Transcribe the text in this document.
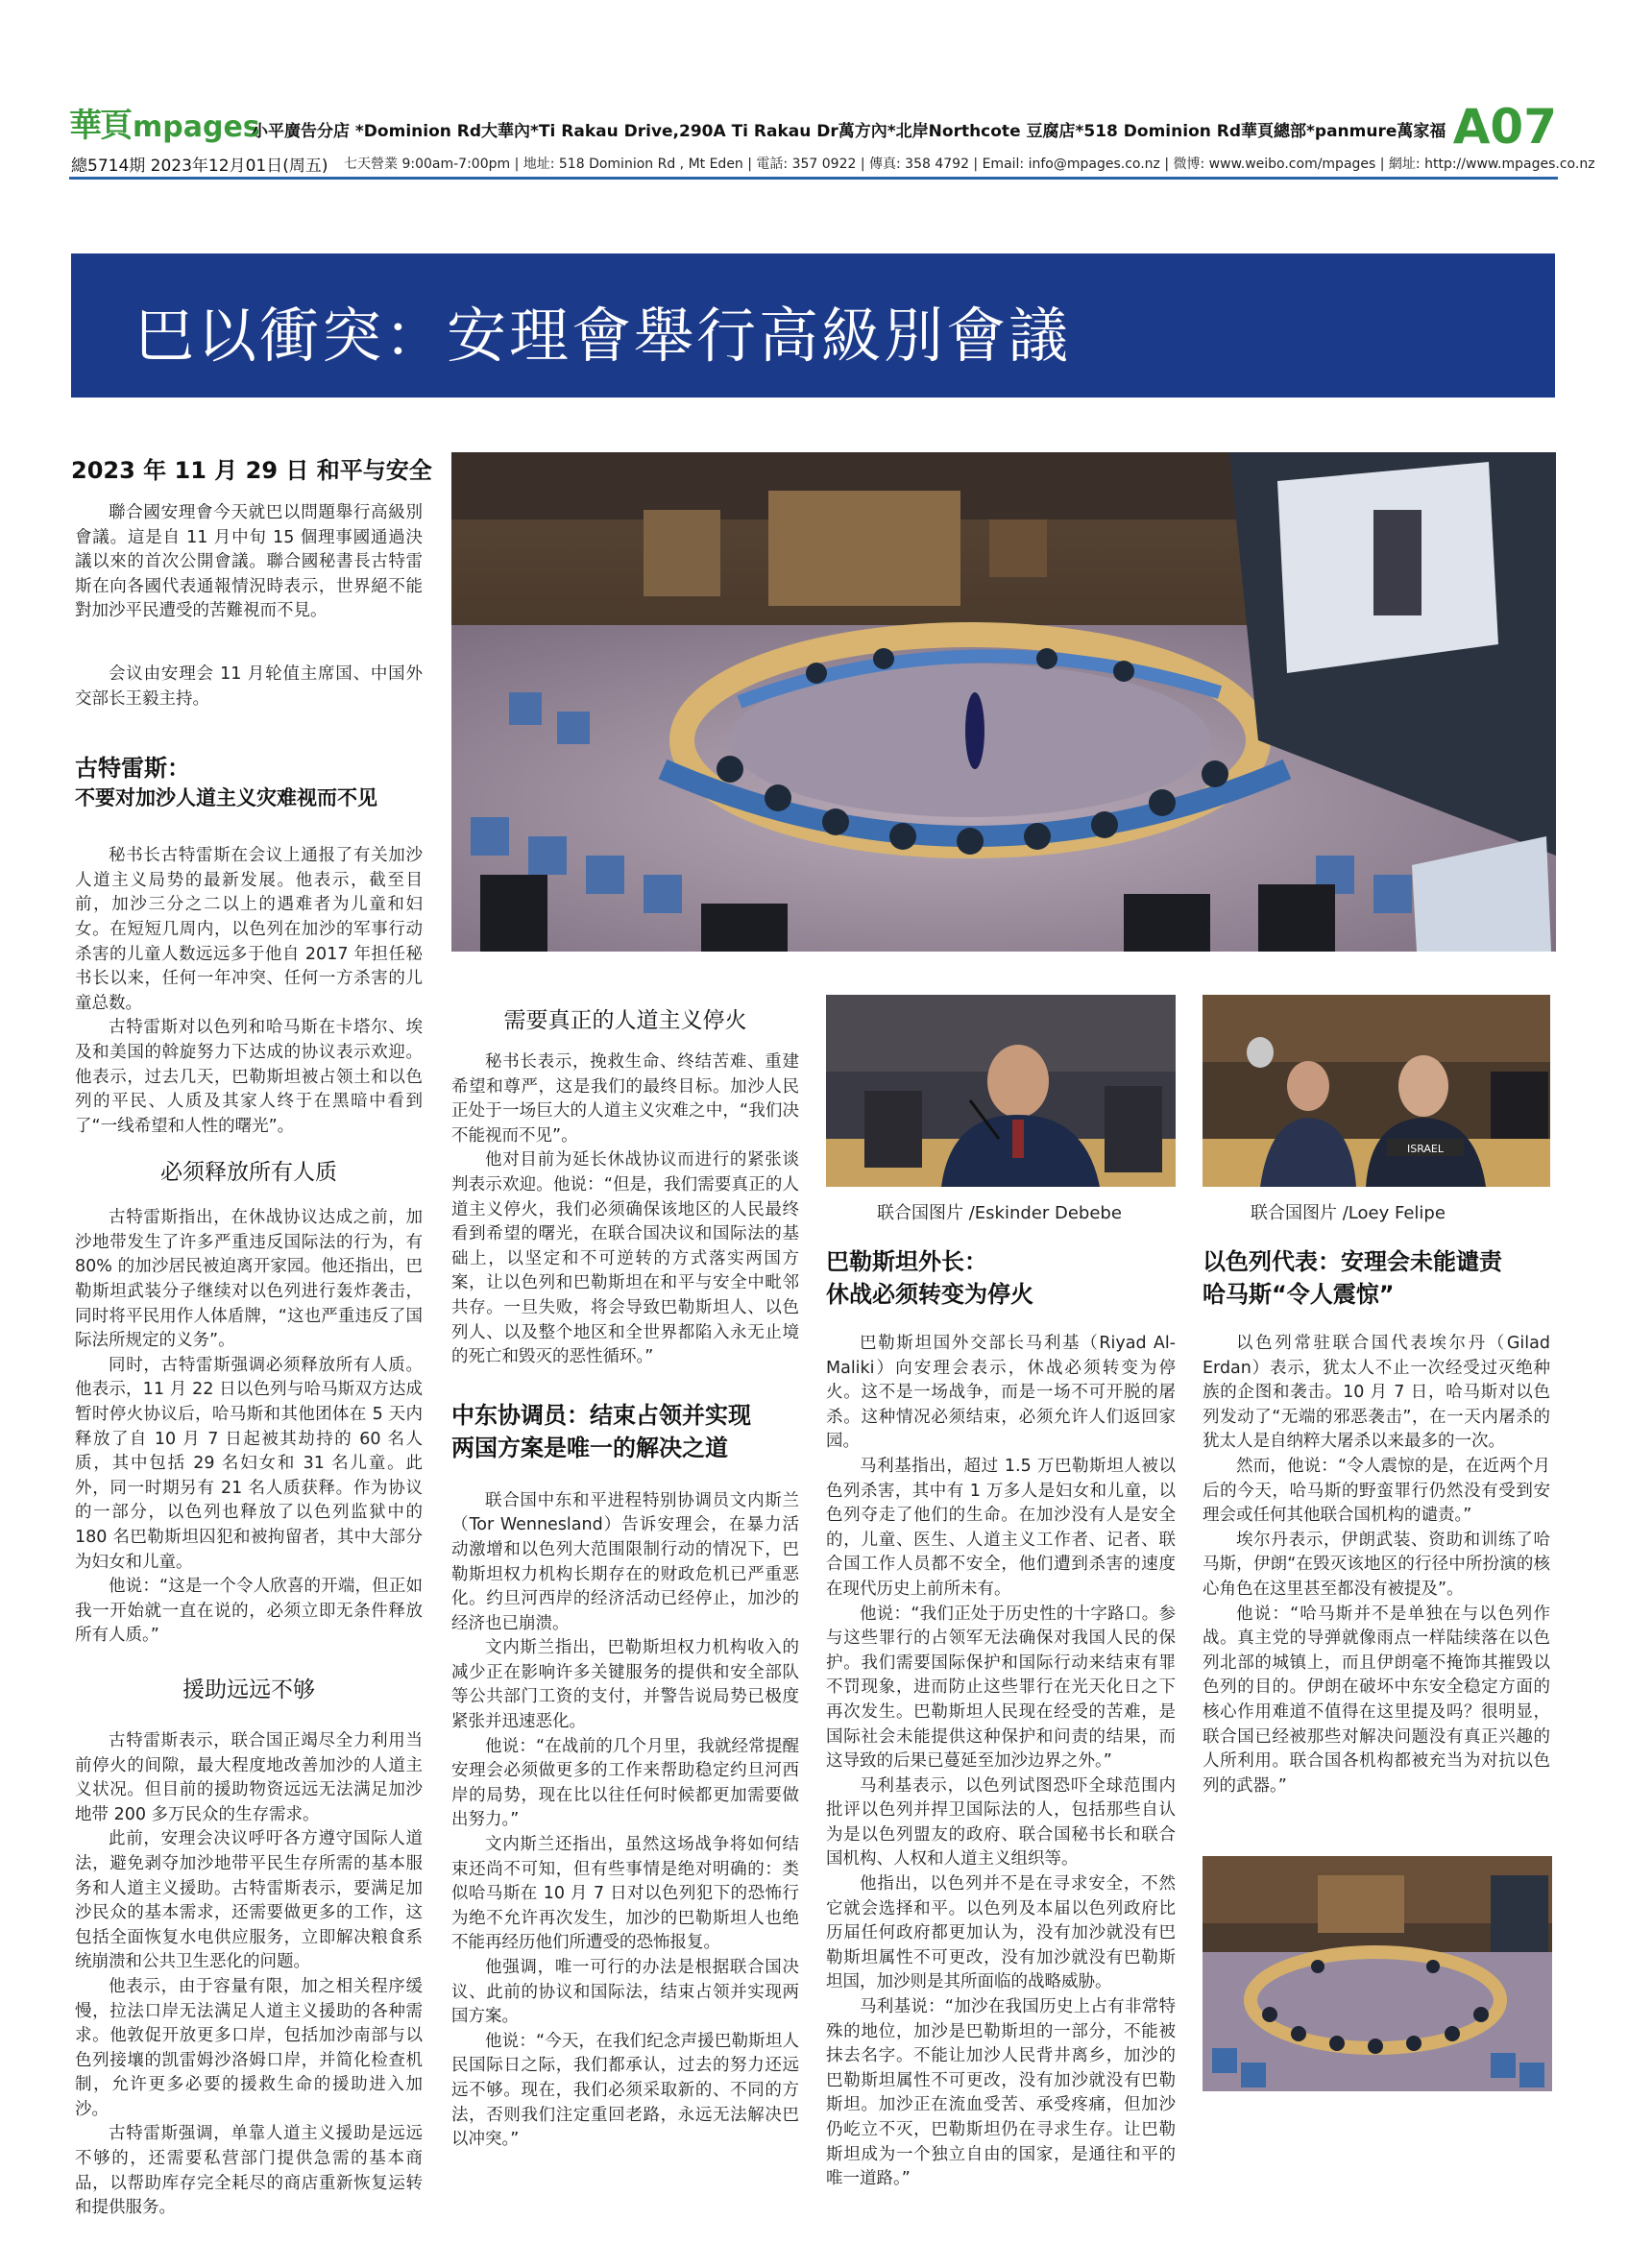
華頁 mpages
小平廣告分店 *Dominion Rd大華內*Ti Rakau Drive,290A Ti Rakau Dr萬方內*北岸Northcote 豆腐店*518 Dominion Rd華頁總部*panmure萬家福 A07
總5714期 2023年12月01日(周五) 七天營業 9:00am-7:00pm | 地址: 518 Dominion Rd , Mt Eden | 電話: 357 0922 | 傳真: 358 4792 | Email: info@mpages.co.nz | 微博: www.weibo.com/mpages | 網址: http://www.mpages.co.nz
巴以衝突：安理會舉行高級別會議
2023 年 11 月 29 日 和平与安全

聯合國安理會今天就巴以問題舉行高級別會議。這是自 11 月中旬 15 個理事國通過決議以來的首次公開會議。聯合國秘書長古特雷斯在向各國代表通報情況時表示，世界絕不能對加沙平民遭受的苦難視而不見。

会议由安理会 11 月轮值主席国、中国外交部长王毅主持。

古特雷斯：

不要对加沙人道主义灾难视而不见

秘书长古特雷斯在会议上通报了有关加沙人道主义局势的最新发展。他表示，截至目前，加沙三分之二以上的遇难者为儿童和妇女。在短短几周内，以色列在加沙的军事行动杀害的儿童人数远远多于他自 2017 年担任秘书长以来，任何一年冲突、任何一方杀害的儿童总数。

古特雷斯对以色列和哈马斯在卡塔尔、埃及和美国的斡旋努力下达成的协议表示欢迎。他表示，过去几天，巴勒斯坦被占领土和以色列的平民、人质及其家人终于在黑暗中看到了“一线希望和人性的曙光”。

必须释放所有人质

古特雷斯指出，在休战协议达成之前，加沙地带发生了许多严重违反国际法的行为，有 80% 的加沙居民被迫离开家园。他还指出，巴勒斯坦武装分子继续对以色列进行轰炸袭击，同时将平民用作人体盾牌，“这也严重违反了国际法所规定的义务”。

同时，古特雷斯强调必须释放所有人质。他表示，11 月 22 日以色列与哈马斯双方达成暂时停火协议后，哈马斯和其他团体在 5 天内释放了自 10 月 7 日起被其劫持的 60 名人质，其中包括 29 名妇女和 31 名儿童。此外，同一时期另有 21 名人质获释。作为协议的一部分，以色列也释放了以色列监狱中的 180 名巴勒斯坦囚犯和被拘留者，其中大部分为妇女和儿童。

他说：“这是一个令人欣喜的开端，但正如我一开始就一直在说的，必须立即无条件释放所有人质。”

援助远远不够

古特雷斯表示，联合国正竭尽全力利用当前停火的间隙，最大程度地改善加沙的人道主义状况。但目前的援助物资远远无法满足加沙地带 200 多万民众的生存需求。

此前，安理会决议呼吁各方遵守国际人道法，避免剥夺加沙地带平民生存所需的基本服务和人道主义援助。古特雷斯表示，要满足加沙民众的基本需求，还需要做更多的工作，这包括全面恢复水电供应服务，立即解决粮食系统崩溃和公共卫生恶化的问题。

他表示，由于容量有限，加之相关程序缓慢，拉法口岸无法满足人道主义援助的各种需求。他敦促开放更多口岸，包括加沙南部与以色列接壤的凯雷姆沙洛姆口岸，并简化检查机制，允许更多必要的援救生命的援助进入加沙。

古特雷斯强调，单靠人道主义援助是远远不够的，还需要私营部门提供急需的基本商品，以帮助库存完全耗尽的商店重新恢复运转和提供服务。

需要真正的人道主义停火

秘书长表示，挽救生命、终结苦难、重建希望和尊严，这是我们的最终目标。加沙人民正处于一场巨大的人道主义灾难之中，“我们决不能视而不见”。

他对目前为延长休战协议而进行的紧张谈判表示欢迎。他说：“但是，我们需要真正的人道主义停火，我们必须确保该地区的人民最终看到希望的曙光，在联合国决议和国际法的基础上，以坚定和不可逆转的方式落实两国方案，让以色列和巴勒斯坦在和平与安全中毗邻共存。一旦失败，将会导致巴勒斯坦人、以色列人、以及整个地区和全世界都陷入永无止境的死亡和毁灭的恶性循环。”

中东协调员：结束占领并实现

两国方案是唯一的解决之道

联合国中东和平进程特别协调员文内斯兰（Tor Wennesland）告诉安理会，在暴力活动激增和以色列大范围限制行动的情况下，巴勒斯坦权力机构长期存在的财政危机已严重恶化。约旦河西岸的经济活动已经停止，加沙的经济也已崩溃。

文内斯兰指出，巴勒斯坦权力机构收入的减少正在影响许多关键服务的提供和安全部队等公共部门工资的支付，并警告说局势已极度紧张并迅速恶化。

他说：“在战前的几个月里，我就经常提醒安理会必须做更多的工作来帮助稳定约旦河西岸的局势，现在比以往任何时候都更加需要做出努力。”

文内斯兰还指出，虽然这场战争将如何结束还尚不可知，但有些事情是绝对明确的：类似哈马斯在 10 月 7 日对以色列犯下的恐怖行为绝不允许再次发生，加沙的巴勒斯坦人也绝不能再经历他们所遭受的恐怖报复。

他强调，唯一可行的办法是根据联合国决议、此前的协议和国际法，结束占领并实现两国方案。

他说：“今天，在我们纪念声援巴勒斯坦人民国际日之际，我们都承认，过去的努力还远远不够。现在，我们必须采取新的、不同的方法，否则我们注定重回老路，永远无法解决巴以冲突。”

联合国图片 /Eskinder Debebe
ISRAEL
联合国图片 /Loey Felipe

巴勒斯坦外长：

休战必须转变为停火

巴勒斯坦国外交部长马利基（Riyad Al-Maliki）向安理会表示，休战必须转变为停火。这不是一场战争，而是一场不可开脱的屠杀。这种情况必须结束，必须允许人们返回家园。

马利基指出，超过 1.5 万巴勒斯坦人被以色列杀害，其中有 1 万多人是妇女和儿童，以色列夺走了他们的生命。在加沙没有人是安全的，儿童、医生、人道主义工作者、记者、联合国工作人员都不安全，他们遭到杀害的速度在现代历史上前所未有。

他说：“我们正处于历史性的十字路口。参与这些罪行的占领军无法确保对我国人民的保护。我们需要国际保护和国际行动来结束有罪不罚现象，进而防止这些罪行在光天化日之下再次发生。巴勒斯坦人民现在经受的苦难，是国际社会未能提供这种保护和问责的结果，而这导致的后果已蔓延至加沙边界之外。”

马利基表示，以色列试图恐吓全球范围内批评以色列并捍卫国际法的人，包括那些自认为是以色列盟友的政府、联合国秘书长和联合国机构、人权和人道主义组织等。

他指出，以色列并不是在寻求安全，不然它就会选择和平。以色列及本届以色列政府比历届任何政府都更加认为，没有加沙就没有巴勒斯坦属性不可更改，没有加沙就没有巴勒斯坦国，加沙则是其所面临的战略威胁。

马利基说：“加沙在我国历史上占有非常特殊的地位，加沙是巴勒斯坦的一部分，不能被抹去名字。不能让加沙人民背井离乡，加沙的巴勒斯坦属性不可更改，没有加沙就没有巴勒斯坦。加沙正在流血受苦、承受疼痛，但加沙仍屹立不灭，巴勒斯坦仍在寻求生存。让巴勒斯坦成为一个独立自由的国家，是通往和平的唯一道路。”

以色列代表：安理会未能谴责

哈马斯“令人震惊”

以色列常驻联合国代表埃尔丹（Gilad Erdan）表示，犹太人不止一次经受过灭绝种族的企图和袭击。10 月 7 日，哈马斯对以色列发动了“无端的邪恶袭击”，在一天内屠杀的犹太人是自纳粹大屠杀以来最多的一次。

然而，他说：“令人震惊的是，在近两个月后的今天，哈马斯的野蛮罪行仍然没有受到安理会或任何其他联合国机构的谴责。”

埃尔丹表示，伊朗武装、资助和训练了哈马斯，伊朗“在毁灭该地区的行径中所扮演的核心角色在这里甚至都没有被提及”。

他说：“哈马斯并不是单独在与以色列作战。真主党的导弹就像雨点一样陆续落在以色列北部的城镇上，而且伊朗毫不掩饰其摧毁以色列的目的。伊朗在破坏中东安全稳定方面的核心作用难道不值得在这里提及吗？很明显，联合国已经被那些对解决问题没有真正兴趣的人所利用。联合国各机构都被充当为对抗以色列的武器。”
